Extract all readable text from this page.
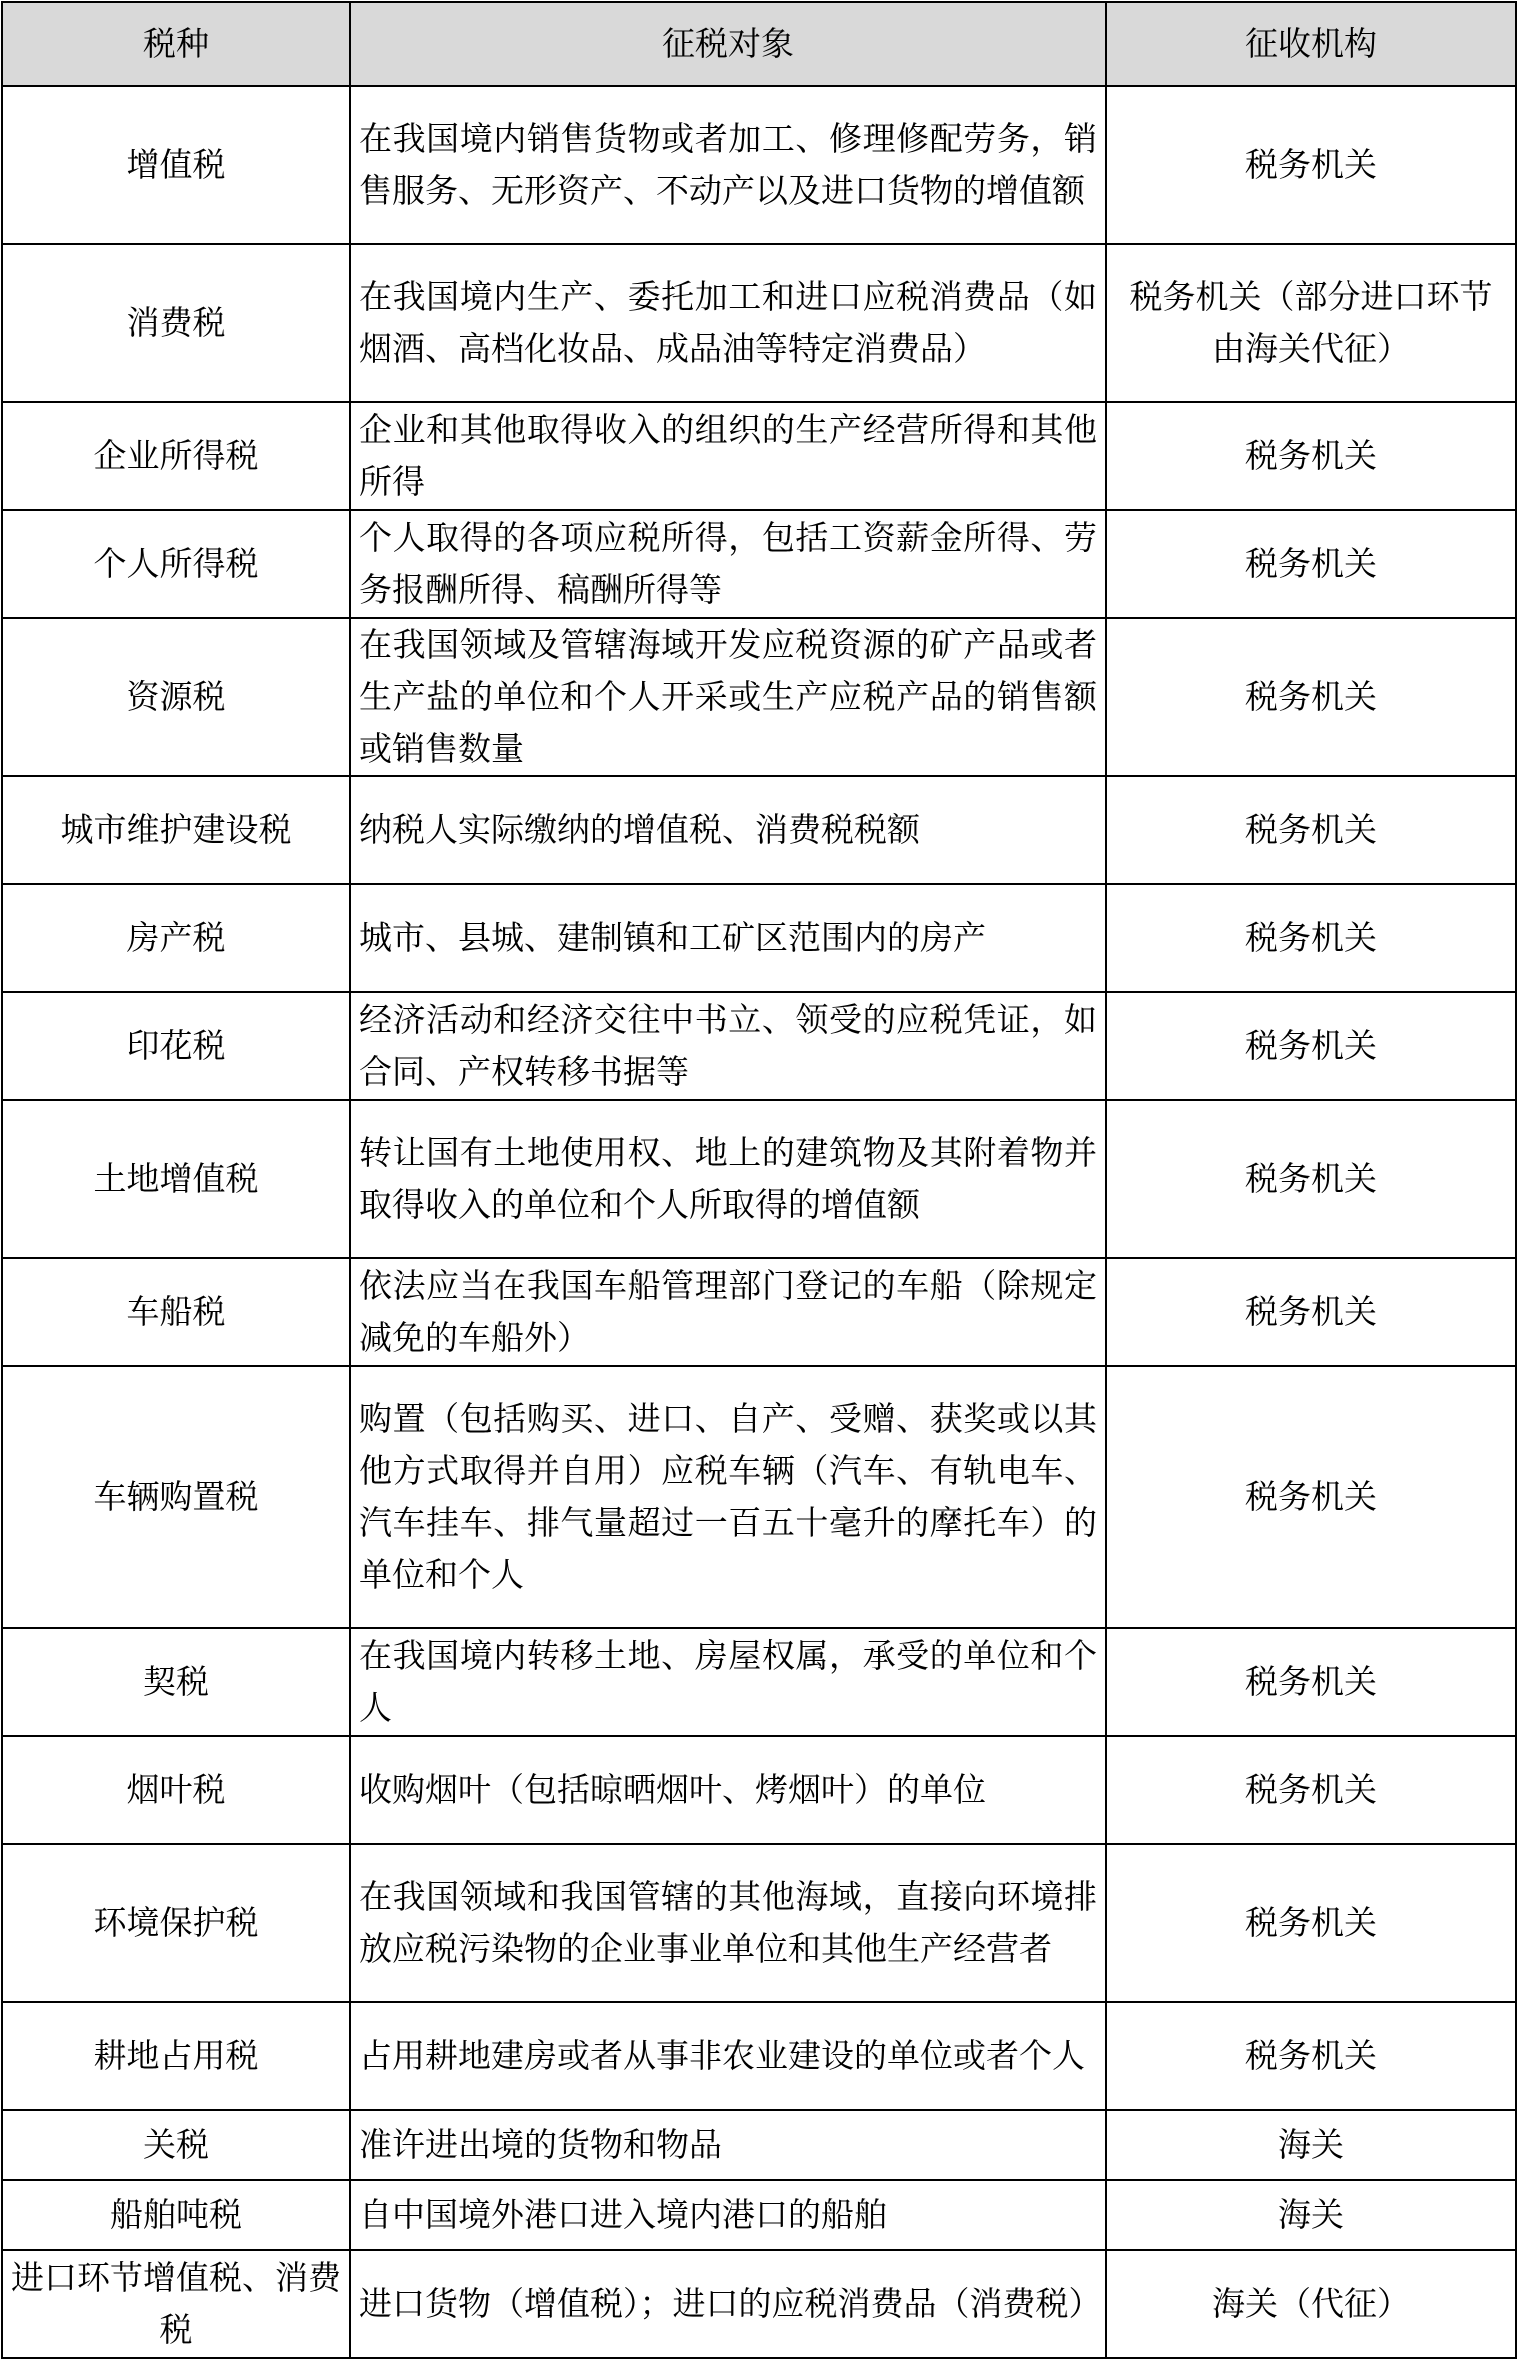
税种	征税对象	征收机构
增值税	在我国境内销售货物或者加工、修理修配劳务，销售服务、无形资产、不动产以及进口货物的增值额	税务机关
消费税	在我国境内生产、委托加工和进口应税消费品（如烟酒、高档化妆品、成品油等特定消费品）	税务机关（部分进口环节由海关代征）
企业所得税	企业和其他取得收入的组织的生产经营所得和其他所得	税务机关
个人所得税	个人取得的各项应税所得，包括工资薪金所得、劳务报酬所得、稿酬所得等	税务机关
资源税	在我国领域及管辖海域开发应税资源的矿产品或者生产盐的单位和个人开采或生产应税产品的销售额或销售数量	税务机关
城市维护建设税	纳税人实际缴纳的增值税、消费税税额	税务机关
房产税	城市、县城、建制镇和工矿区范围内的房产	税务机关
印花税	经济活动和经济交往中书立、领受的应税凭证，如合同、产权转移书据等	税务机关
土地增值税	转让国有土地使用权、地上的建筑物及其附着物并取得收入的单位和个人所取得的增值额	税务机关
车船税	依法应当在我国车船管理部门登记的车船（除规定减免的车船外）	税务机关
车辆购置税	购置（包括购买、进口、自产、受赠、获奖或以其他方式取得并自用）应税车辆（汽车、有轨电车、汽车挂车、排气量超过一百五十毫升的摩托车）的单位和个人	税务机关
契税	在我国境内转移土地、房屋权属，承受的单位和个人	税务机关
烟叶税	收购烟叶（包括晾晒烟叶、烤烟叶）的单位	税务机关
环境保护税	在我国领域和我国管辖的其他海域，直接向环境排放应税污染物的企业事业单位和其他生产经营者	税务机关
耕地占用税	占用耕地建房或者从事非农业建设的单位或者个人	税务机关
关税	准许进出境的货物和物品	海关
船舶吨税	自中国境外港口进入境内港口的船舶	海关
进口环节增值税、消费税	进口货物（增值税）；进口的应税消费品（消费税）	海关（代征）
